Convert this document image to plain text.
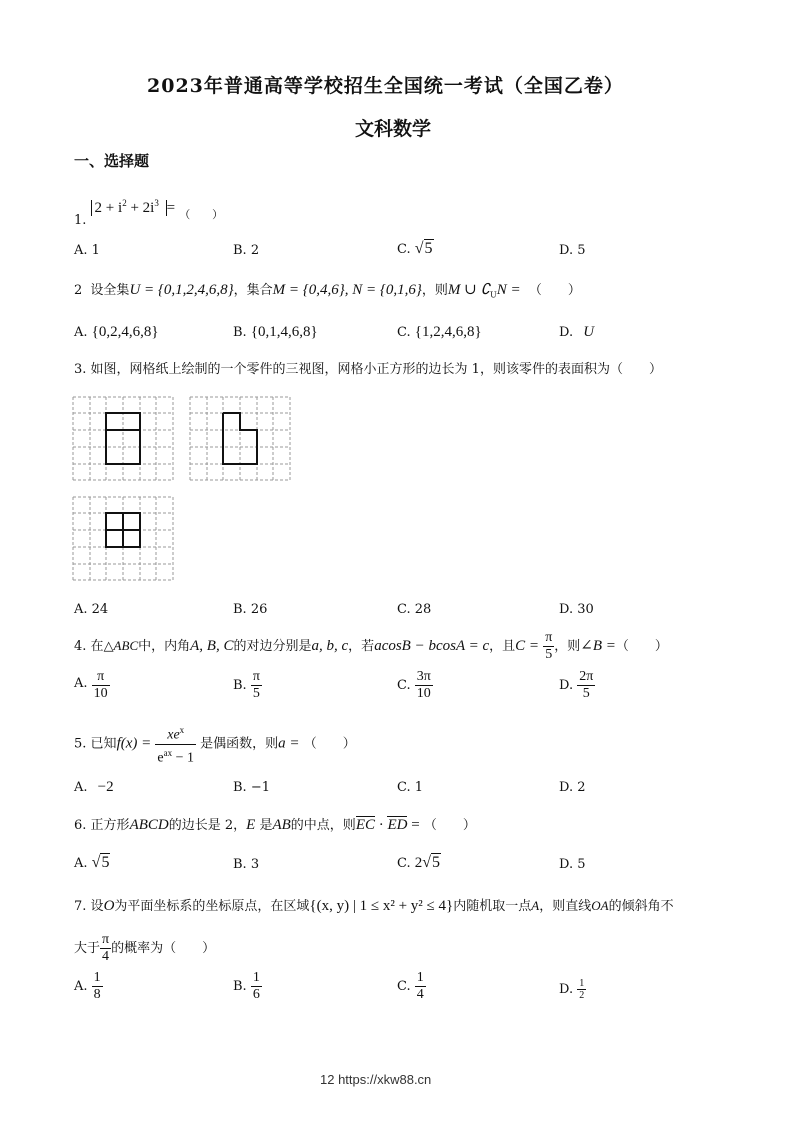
2023年普通高等学校招生全国统一考试（全国乙卷）
文科数学
一、选择题
1. $2 + i^2 + 2i^3 = _{( )}$
A. 1	B. 2	C. √5	D. 5
2 设全集U = {0,1,2,4,6,8}，集合M = {0,4,6}, N = {0,1,6}，则M ∪ $∁_UN$ = （　　）
A. {0,2,4,6,8}	B. {0,1,4,6,8}	C. {1,2,4,6,8}	D. U
3. 如图，网格纸上绘制的一个零件的三视图，网格小正方形的边长为 1，则该零件的表面积为（　　）
A. 24	B. 26	C. 28	D. 30
4. 在△ABC中，内角A, B, C的对边分别是a, b, c，若acosB − bcosA = c，且$C = \frac{\pi}{5}$ ，则∠B =（　　）
A. $\frac{\pi}{10}$	B. $\frac{\pi}{5}$	C. $\frac{3\pi}{10}$	D. $\frac{2\pi}{5}$
5. 已知$f(x) = \frac{xe^x}{e^{ax} - 1}$ 是偶函数，则a = （　　）
A. −2	B. −1	C. 1	D. 2
6. 正方形ABCD的边长是 2，E 是AB的中点，则EC · ED = （　　）
A. √5	B. 3	C. 2√5	D. 5
7. 设O为平面坐标系的坐标原点，在区域{(x, y) | 1 ≤ x² + y² ≤ 4}内随机取一点A，则直线OA的倾斜角不
大于 $\frac{\pi}{4}$ 的概率为（　　）
A. $\frac{1}{8}$	B. $\frac{1}{6}$	C. $\frac{1}{4}$	D. $\frac{1}{2}$
12 https://xkw88.cn
